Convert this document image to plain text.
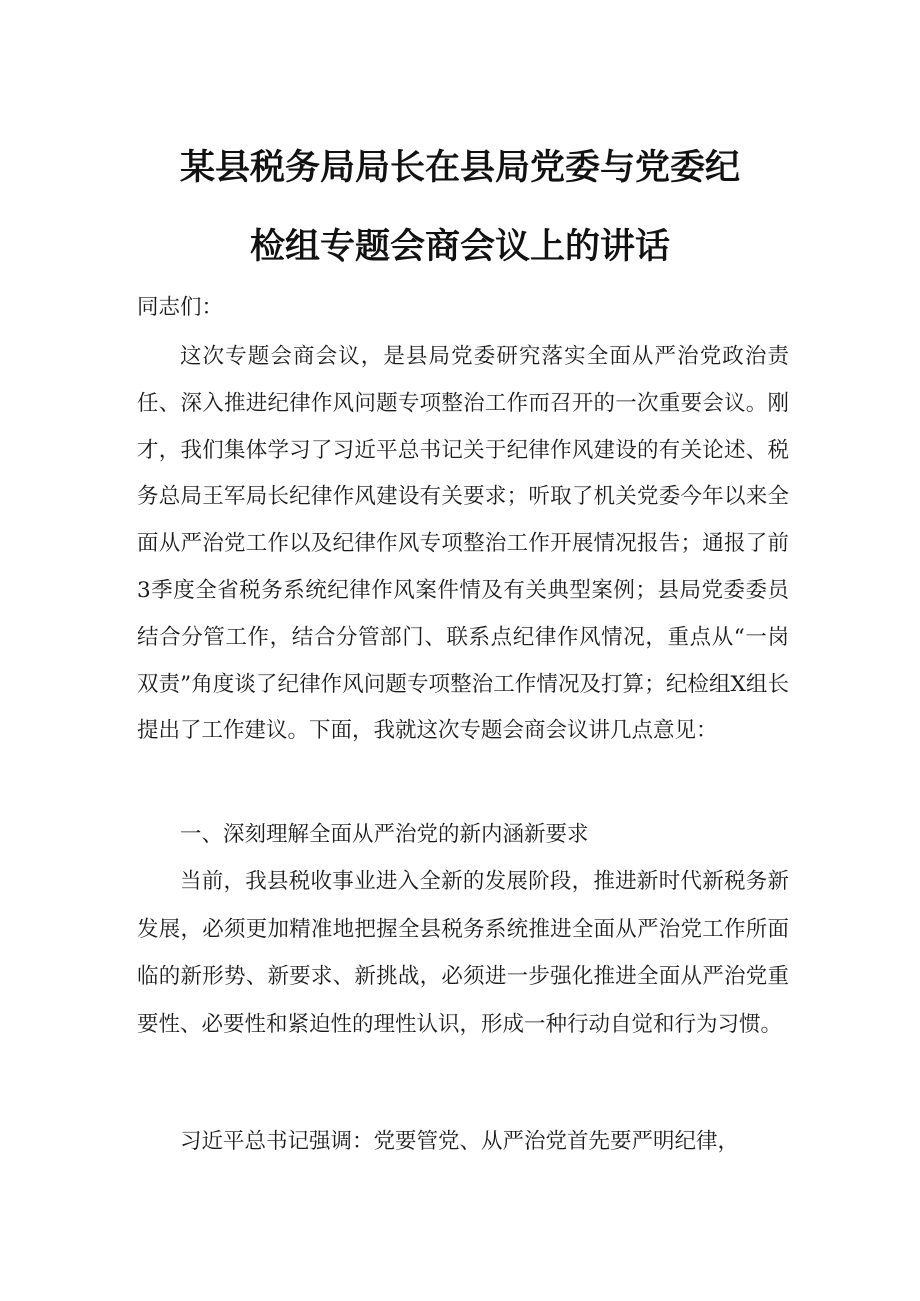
某县税务局局长在县局党委与党委纪
检组专题会商会议上的讲话
同志们：
这次专题会商会议，是县局党委研究落实全面从严治党政治责任、深入推进纪律作风问题专项整治工作而召开的一次重要会议。刚才，我们集体学习了习近平总书记关于纪律作风建设的有关论述、税务总局王军局长纪律作风建设有关要求；听取了机关党委今年以来全面从严治党工作以及纪律作风专项整治工作开展情况报告；通报了前3季度全省税务系统纪律作风案件情及有关典型案例；县局党委委员结合分管工作，结合分管部门、联系点纪律作风情况，重点从“一岗双责”角度谈了纪律作风问题专项整治工作情况及打算；纪检组X组长提出了工作建议。下面，我就这次专题会商会议讲几点意见：
一、深刻理解全面从严治党的新内涵新要求
当前，我县税收事业进入全新的发展阶段，推进新时代新税务新发展，必须更加精准地把握全县税务系统推进全面从严治党工作所面临的新形势、新要求、新挑战，必须进一步强化推进全面从严治党重要性、必要性和紧迫性的理性认识，形成一种行动自觉和行为习惯。
习近平总书记强调：党要管党、从严治党首先要严明纪律，
